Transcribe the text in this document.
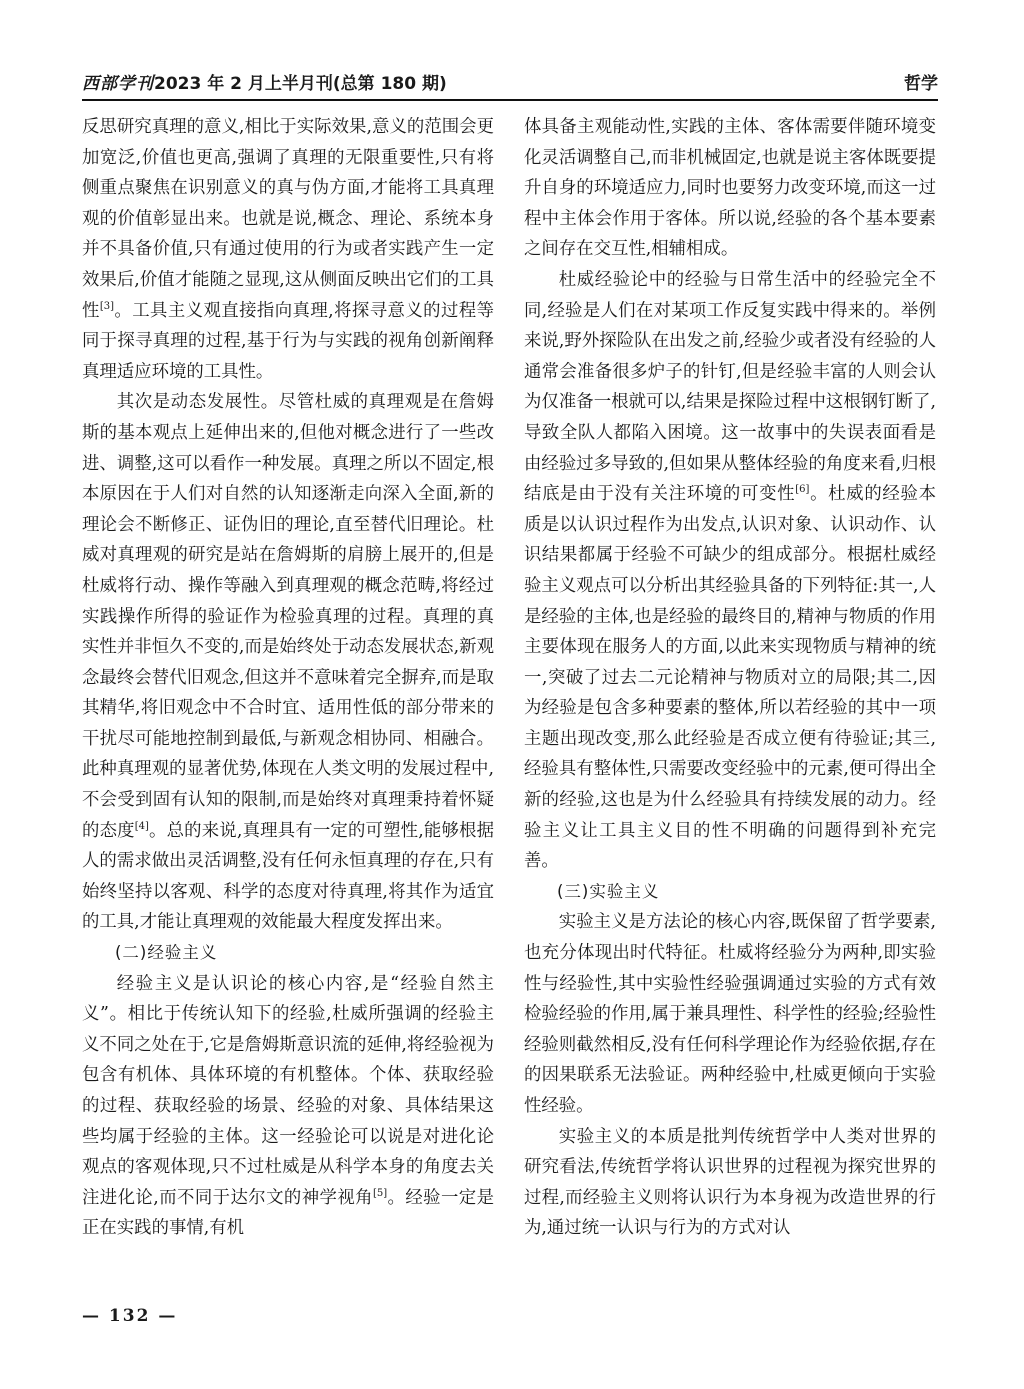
西部学刊2023 年 2 月上半月刊(总第 180 期)	哲学

反思研究真理的意义,相比于实际效果,意义的范围会更加宽泛,价值也更高,强调了真理的无限重要性,只有将侧重点聚焦在识别意义的真与伪方面,才能将工具真理观的价值彰显出来。也就是说,概念、理论、系统本身并不具备价值,只有通过使用的行为或者实践产生一定效果后,价值才能随之显现,这从侧面反映出它们的工具性[3]。工具主义观直接指向真理,将探寻意义的过程等同于探寻真理的过程,基于行为与实践的视角创新阐释真理适应环境的工具性。

其次是动态发展性。尽管杜威的真理观是在詹姆斯的基本观点上延伸出来的,但他对概念进行了一些改进、调整,这可以看作一种发展。真理之所以不固定,根本原因在于人们对自然的认知逐渐走向深入全面,新的理论会不断修正、证伪旧的理论,直至替代旧理论。杜威对真理观的研究是站在詹姆斯的肩膀上展开的,但是杜威将行动、操作等融入到真理观的概念范畴,将经过实践操作所得的验证作为检验真理的过程。真理的真实性并非恒久不变的,而是始终处于动态发展状态,新观念最终会替代旧观念,但这并不意味着完全摒弃,而是取其精华,将旧观念中不合时宜、适用性低的部分带来的干扰尽可能地控制到最低,与新观念相协同、相融合。此种真理观的显著优势,体现在人类文明的发展过程中,不会受到固有认知的限制,而是始终对真理秉持着怀疑的态度[4]。总的来说,真理具有一定的可塑性,能够根据人的需求做出灵活调整,没有任何永恒真理的存在,只有始终坚持以客观、科学的态度对待真理,将其作为适宜的工具,才能让真理观的效能最大程度发挥出来。

(二)经验主义

经验主义是认识论的核心内容,是“经验自然主义”。相比于传统认知下的经验,杜威所强调的经验主义不同之处在于,它是詹姆斯意识流的延伸,将经验视为包含有机体、具体环境的有机整体。个体、获取经验的过程、获取经验的场景、经验的对象、具体结果这些均属于经验的主体。这一经验论可以说是对进化论观点的客观体现,只不过杜威是从科学本身的角度去关注进化论,而不同于达尔文的神学视角[5]。经验一定是正在实践的事情,有机

体具备主观能动性,实践的主体、客体需要伴随环境变化灵活调整自己,而非机械固定,也就是说主客体既要提升自身的环境适应力,同时也要努力改变环境,而这一过程中主体会作用于客体。所以说,经验的各个基本要素之间存在交互性,相辅相成。

杜威经验论中的经验与日常生活中的经验完全不同,经验是人们在对某项工作反复实践中得来的。举例来说,野外探险队在出发之前,经验少或者没有经验的人通常会准备很多炉子的针钉,但是经验丰富的人则会认为仅准备一根就可以,结果是探险过程中这根钢钉断了,导致全队人都陷入困境。这一故事中的失误表面看是由经验过多导致的,但如果从整体经验的角度来看,归根结底是由于没有关注环境的可变性[6]。杜威的经验本质是以认识过程作为出发点,认识对象、认识动作、认识结果都属于经验不可缺少的组成部分。根据杜威经验主义观点可以分析出其经验具备的下列特征:其一,人是经验的主体,也是经验的最终目的,精神与物质的作用主要体现在服务人的方面,以此来实现物质与精神的统一,突破了过去二元论精神与物质对立的局限;其二,因为经验是包含多种要素的整体,所以若经验的其中一项主题出现改变,那么此经验是否成立便有待验证;其三,经验具有整体性,只需要改变经验中的元素,便可得出全新的经验,这也是为什么经验具有持续发展的动力。经验主义让工具主义目的性不明确的问题得到补充完善。

(三)实验主义

实验主义是方法论的核心内容,既保留了哲学要素,也充分体现出时代特征。杜威将经验分为两种,即实验性与经验性,其中实验性经验强调通过实验的方式有效检验经验的作用,属于兼具理性、科学性的经验;经验性经验则截然相反,没有任何科学理论作为经验依据,存在的因果联系无法验证。两种经验中,杜威更倾向于实验性经验。

实验主义的本质是批判传统哲学中人类对世界的研究看法,传统哲学将认识世界的过程视为探究世界的过程,而经验主义则将认识行为本身视为改造世界的行为,通过统一认识与行为的方式对认

— 132 —
